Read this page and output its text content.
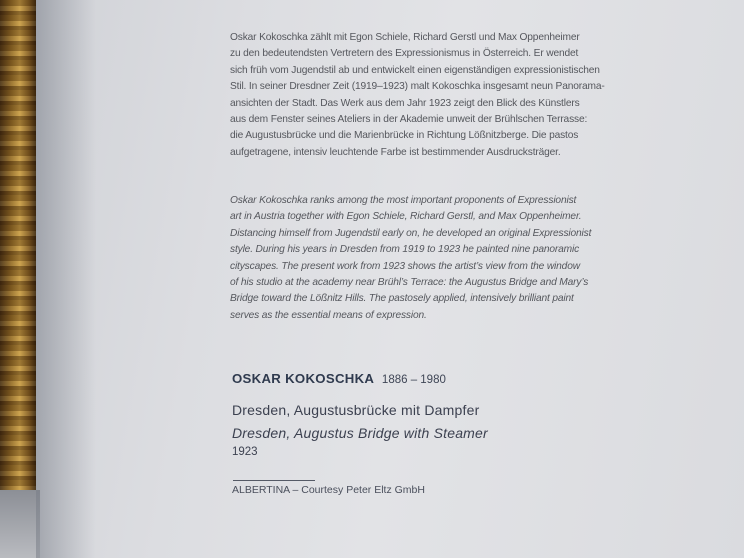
Oskar Kokoschka zählt mit Egon Schiele, Richard Gerstl und Max Oppenheimer
zu den bedeutendsten Vertretern des Expressionismus in Österreich. Er wendet
sich früh vom Jugendstil ab und entwickelt einen eigenständigen expressionistischen
Stil. In seiner Dresdner Zeit (1919–1923) malt Kokoschka insgesamt neun Panorama-
ansichten der Stadt. Das Werk aus dem Jahr 1923 zeigt den Blick des Künstlers
aus dem Fenster seines Ateliers in der Akademie unweit der Brühlschen Terrasse:
die Augustusbrücke und die Marienbrücke in Richtung Lößnitzberge. Die pastos
aufgetragene, intensiv leuchtende Farbe ist bestimmender Ausdrucksträger.
Oskar Kokoschka ranks among the most important proponents of Expressionist
art in Austria together with Egon Schiele, Richard Gerstl, and Max Oppenheimer.
Distancing himself from Jugendstil early on, he developed an original Expressionist
style. During his years in Dresden from 1919 to 1923 he painted nine panoramic
cityscapes. The present work from 1923 shows the artist’s view from the window
of his studio at the academy near Brühl’s Terrace: the Augustus Bridge and Mary’s
Bridge toward the Lößnitz Hills. The pastosely applied, intensively brilliant paint
serves as the essential means of expression.
OSKAR KOKOSCHKA 1886 – 1980
Dresden, Augustusbrücke mit Dampfer
Dresden, Augustus Bridge with Steamer
1923
ALBERTINA – Courtesy Peter Eltz GmbH
